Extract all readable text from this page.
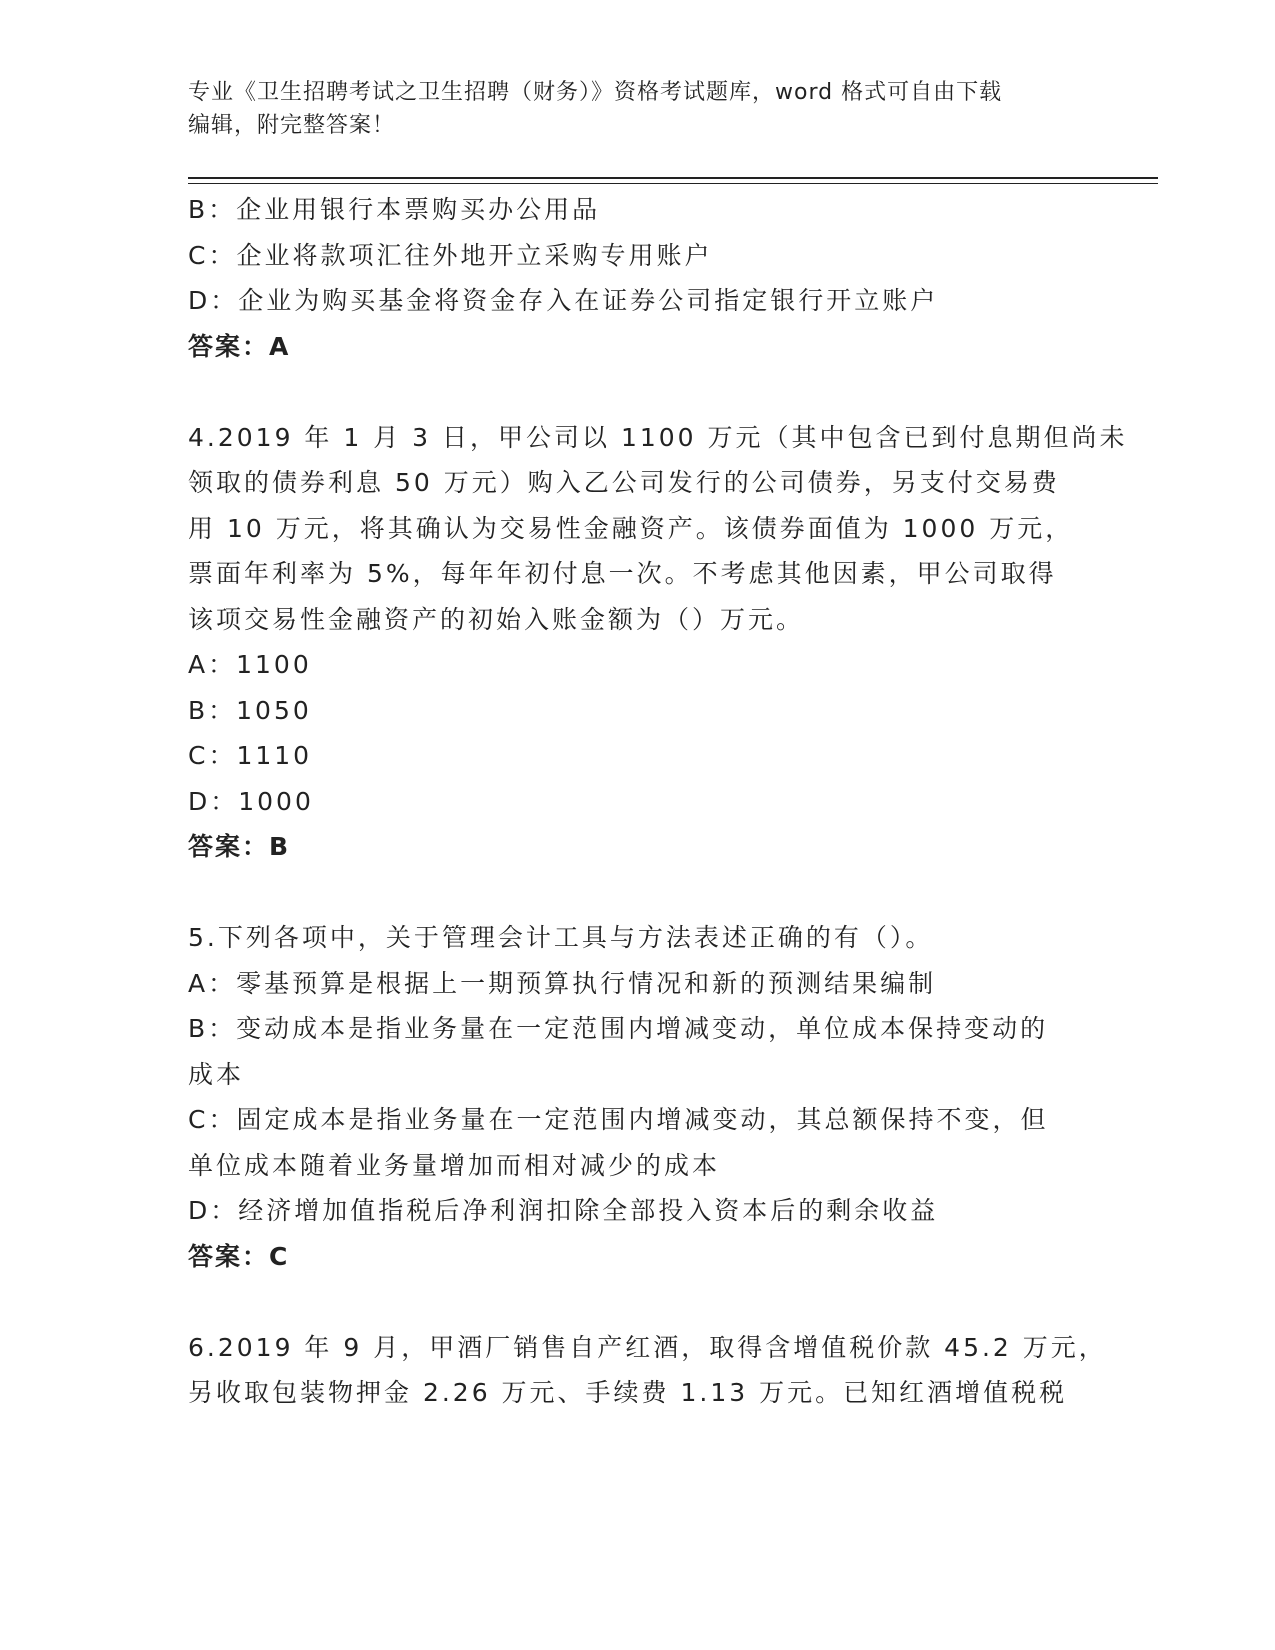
专业《卫生招聘考试之卫生招聘（财务）》资格考试题库，word 格式可自由下载
编辑，附完整答案！
B：企业用银行本票购买办公用品
C：企业将款项汇往外地开立采购专用账户
D：企业为购买基金将资金存入在证券公司指定银行开立账户
答案：A
4.2019 年 1 月 3 日，甲公司以 1100 万元（其中包含已到付息期但尚未
领取的债券利息 50 万元）购入乙公司发行的公司债券，另支付交易费
用 10 万元，将其确认为交易性金融资产。该债券面值为 1000 万元，
票面年利率为 5%，每年年初付息一次。不考虑其他因素，甲公司取得
该项交易性金融资产的初始入账金额为（）万元。
A：1100
B：1050
C：1110
D：1000
答案：B
5.下列各项中，关于管理会计工具与方法表述正确的有（）。
A：零基预算是根据上一期预算执行情况和新的预测结果编制
B：变动成本是指业务量在一定范围内增减变动，单位成本保持变动的
成本
C：固定成本是指业务量在一定范围内增减变动，其总额保持不变，但
单位成本随着业务量增加而相对减少的成本
D：经济增加值指税后净利润扣除全部投入资本后的剩余收益
答案：C
6.2019 年 9 月，甲酒厂销售自产红酒，取得含增值税价款 45.2 万元，
另收取包装物押金 2.26 万元、手续费 1.13 万元。已知红酒增值税税
